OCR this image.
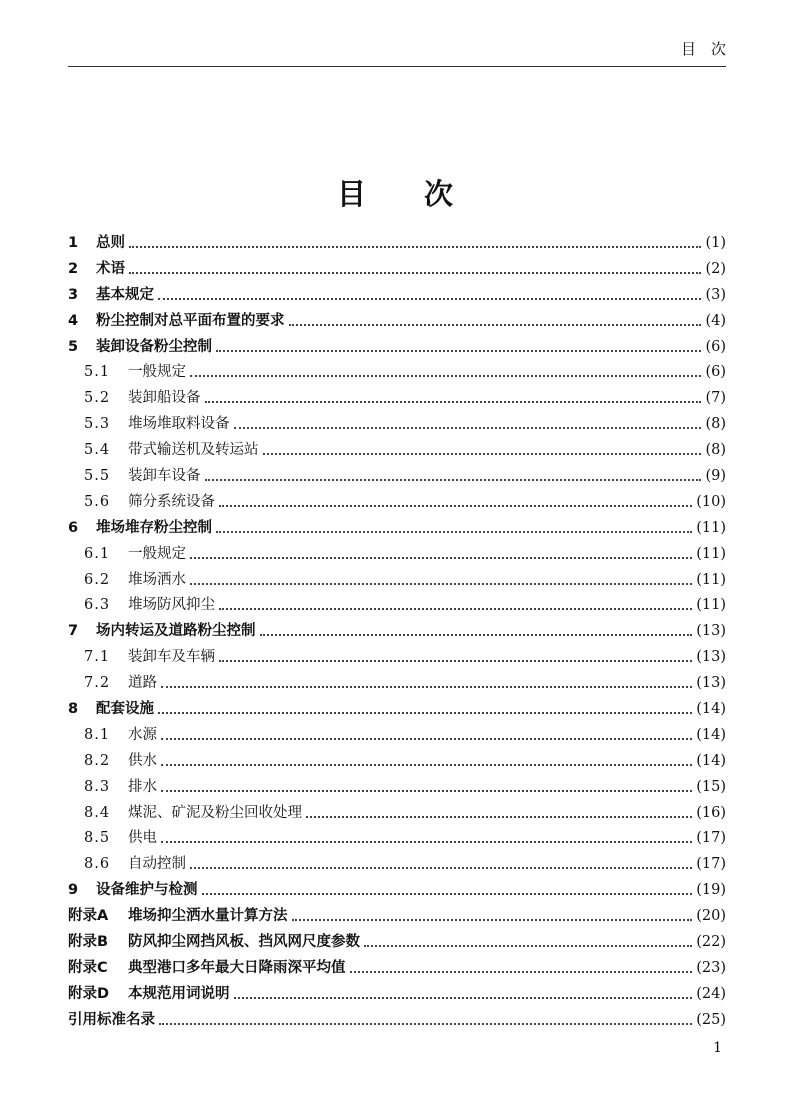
目　次
目　　次
1	总则	(1)
2	术语	(2)
3	基本规定	(3)
4	粉尘控制对总平面布置的要求	(4)
5	装卸设备粉尘控制	(6)
5.1	一般规定	(6)
5.2	装卸船设备	(7)
5.3	堆场堆取料设备	(8)
5.4	带式输送机及转运站	(8)
5.5	装卸车设备	(9)
5.6	筛分系统设备	(10)
6	堆场堆存粉尘控制	(11)
6.1	一般规定	(11)
6.2	堆场洒水	(11)
6.3	堆场防风抑尘	(11)
7	场内转运及道路粉尘控制	(13)
7.1	装卸车及车辆	(13)
7.2	道路	(13)
8	配套设施	(14)
8.1	水源	(14)
8.2	供水	(14)
8.3	排水	(15)
8.4	煤泥、矿泥及粉尘回收处理	(16)
8.5	供电	(17)
8.6	自动控制	(17)
9	设备维护与检测	(19)
附录A	堆场抑尘洒水量计算方法	(20)
附录B	防风抑尘网挡风板、挡风网尺度参数	(22)
附录C	典型港口多年最大日降雨深平均值	(23)
附录D	本规范用词说明	(24)
引用标准名录	(25)
1
